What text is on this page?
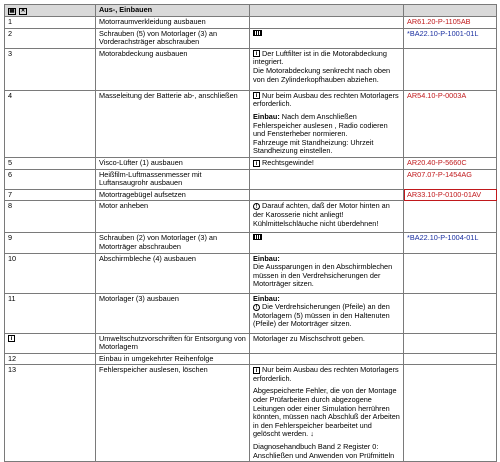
▦ ✕	Aus-, Einbauen		
1	Motorraumverkleidung ausbauen		AR61.20-P-1105AB
2	Schrauben (5) von Motorlager (3) an Vorderachsträger abschrauben		*BA22.10-P-1001-01L
3	Motorabdeckung ausbauen	i Der Luftfilter ist in die Motorabdeckung integriert.
Die Motorabdeckung senkrecht nach oben von den Zylinderkopfhauben abziehen.	

4	Masseleitung der Batterie ab-, anschließen	i Nur beim Ausbau des rechten Motorlagers erforderlich.
Einbau: Nach dem Anschließen Fehlerspeicher auslesen , Radio codieren und Fensterheber normieren.
Fahrzeuge mit Standheizung: Uhrzeit Standheizung einstellen.	AR54.10-P-0003A
5	Visco-Lüfter (1) ausbauen	i Rechtsgewinde!	AR20.40-P-5660C
6	Heißfilm-Luftmassenmesser mit Luftansaugrohr ausbauen		AR07.07-P-1454AG
7	Motortragebügel aufsetzen		AR33.10-P-0100-01AV
8	Motor anheben	! Darauf achten, daß der Motor hinten an der Karosserie nicht anliegt! Kühlmittelschläuche nicht überdehnen!	
9	Schrauben (2) von Motorlager (3) an Motorträger abschrauben		*BA22.10-P-1004-01L
10	Abschirmbleche (4) ausbauen	Einbau:
Die Aussparungen in den Abschirmblechen müssen in den Verdrehsicherungen der Motorträger sitzen.	
11	Motorlager (3) ausbauen	Einbau:
! Die Verdrehsicherungen (Pfeile) an den Motorlagern (5) müssen in den Haltenuten (Pfeile) der Motorträger sitzen.	
i	Umweltschutzvorschriften für Entsorgung von Motorlagern	Motorlager zu Mischschrott geben.	
12	Einbau in umgekehrter Reihenfolge		
13	Fehlerspeicher auslesen, löschen	i Nur beim Ausbau des rechten Motorlagers erforderlich.
Abgespeicherte Fehler, die von der Montage oder Prüfarbeiten durch abgezogene Leitungen oder einer Simulation herrühren könnten, müssen nach Abschluß der Arbeiten in den Fehlerspeicher bearbeitet und gelöscht werden. ↓
Diagnosehandbuch Band 2 Register 0: Anschließen und Anwenden von Prüfmitteln	
